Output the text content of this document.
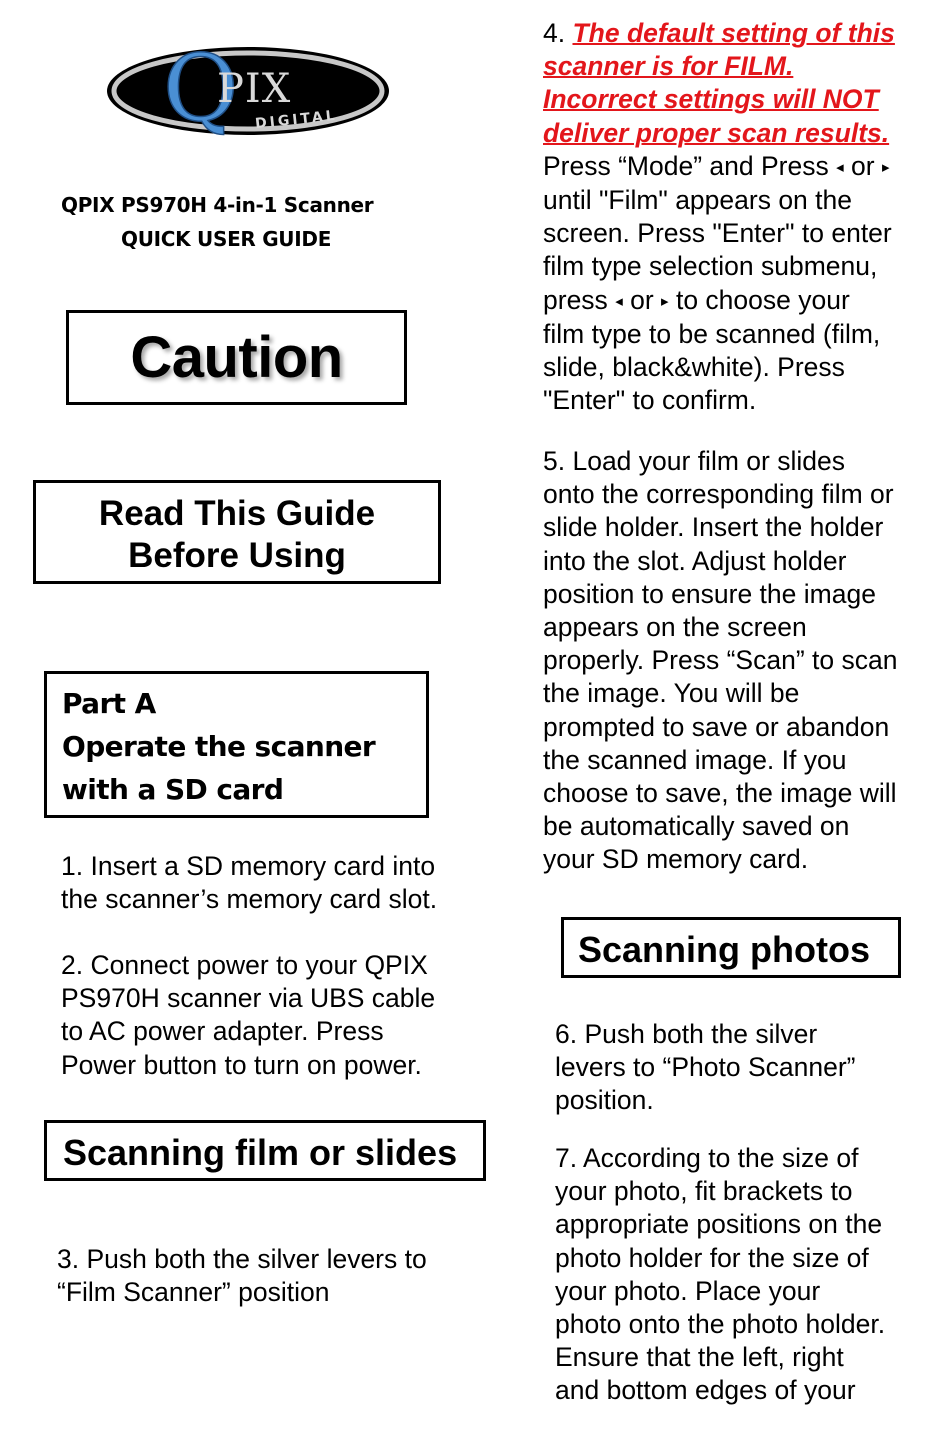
Q
PIX
DIGITAL
QPIX PS970H 4-in-1 Scanner
QUICK USER GUIDE
Caution
Read This Guide
Before Using
Part A
Operate the scanner
with a SD card
1. Insert a SD memory card into
the scanner’s memory card slot.
2. Connect power to your QPIX
PS970H scanner via UBS cable
to AC power adapter. Press
Power button to turn on power.
Scanning film or slides
3. Push both the silver levers to
“Film Scanner” position
4. The default setting of this
scanner is for FILM.
Incorrect settings will NOT
deliver proper scan results.
Press “Mode” and Press ◂ or ▸
until "Film" appears on the
screen. Press "Enter" to enter
film type selection submenu,
press ◂ or ▸ to choose your
film type to be scanned (film,
slide, black&white). Press
"Enter" to confirm.
5. Load your film or slides
onto the corresponding film or
slide holder. Insert the holder
into the slot. Adjust holder
position to ensure the image
appears on the screen
properly. Press “Scan” to scan
the image. You will be
prompted to save or abandon
the scanned image. If you
choose to save, the image will
be automatically saved on
your SD memory card.
Scanning photos
6. Push both the silver
levers to “Photo Scanner”
position.
7. According to the size of
your photo, fit brackets to
appropriate positions on the
photo holder for the size of
your photo. Place your
photo onto the photo holder.
Ensure that the left, right
and bottom edges of your
